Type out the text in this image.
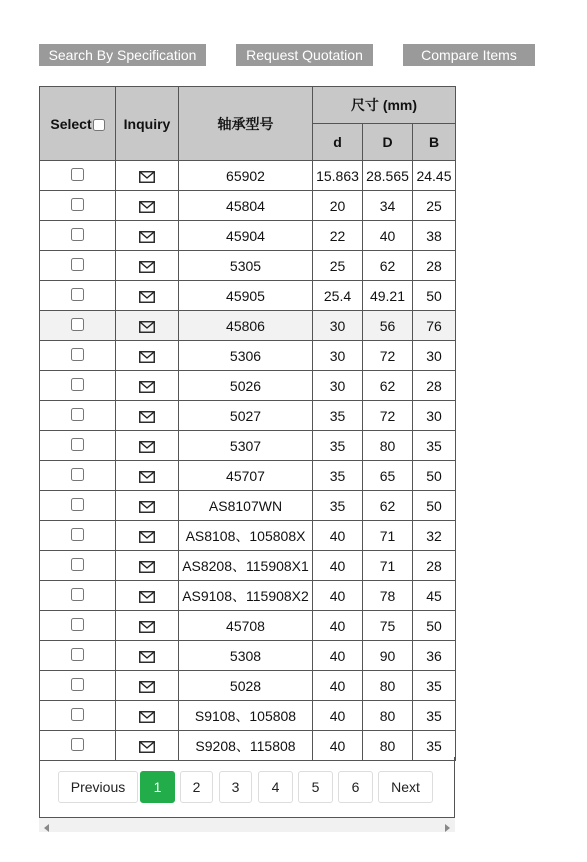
Search By Specification	Request Quotation	Compare Items
Select	Inquiry	轴承型号	尺寸 (mm)		
			d	D	B

	65902	15.863	28.565	24.45

	45804	20	34	25

	45904	22	40	38

	5305	25	62	28

	45905	25.4	49.21	50

	45806	30	56	76

	5306	30	72	30

	5026	30	62	28

	5027	35	72	30

	5307	35	80	35

	45707	35	65	50

	AS8107WN	35	62	50

	AS8108、105808X	40	71	32

	AS8208、115908X1	40	71	28

	AS9108、115908X2	40	78	45

	45708	40	75	50

	5308	40	90	36

	5028	40	80	35

	S9108、105808	40	80	35

	S9208、115808	40	80	35
Previous	1	2	3	4	5	6	Next
